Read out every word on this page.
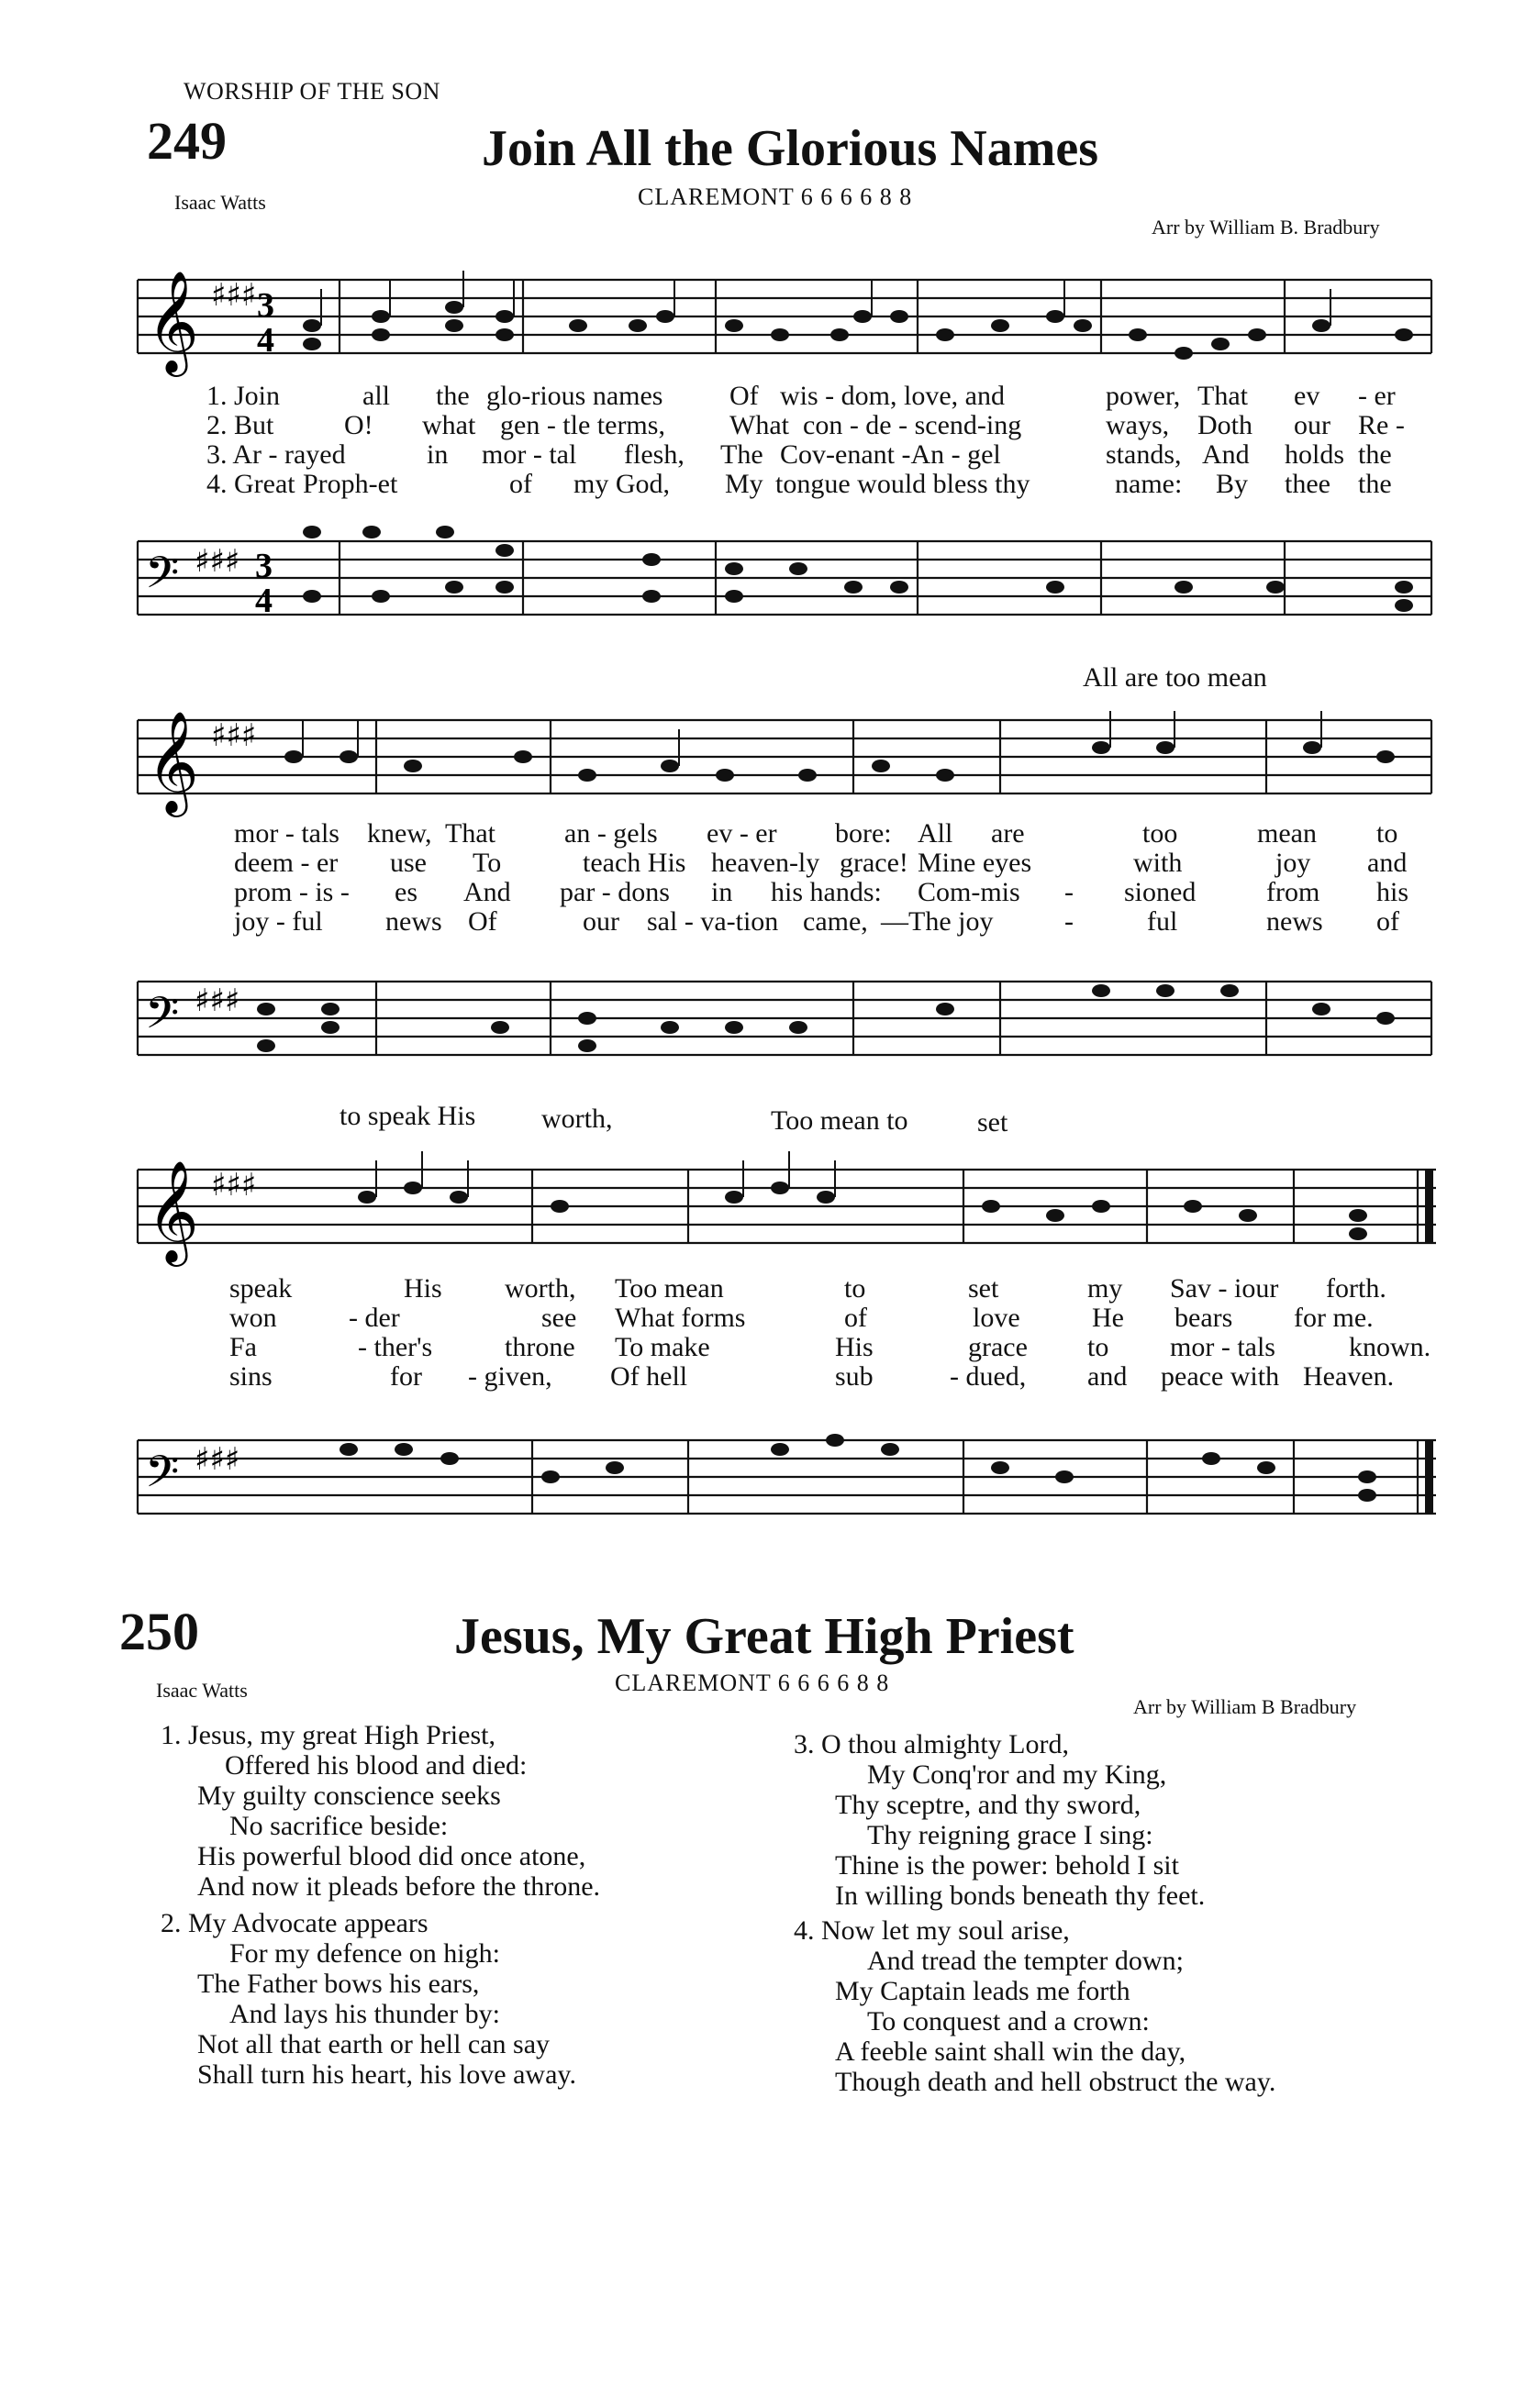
WORSHIP OF THE SON
249	Join All the Glorious Names
Isaac Watts	CLAREMONT 6 6 6 6 8 8
Arr by William B. Bradbury
𝄞 ♯♯♯ 3
4
1. Join	all the glo-rious names Of wis - dom, love, and	power, That ev - er
2. But	O! what gen - tle terms, What con - de - scend-ing	ways, Doth our Re -
3. Ar - rayed	in mor - tal flesh, The Cov-enant -An - gel	stands, And holds the
4. Great Proph-et	of my God, My tongue would bless thy	name: By thee the
𝄢 ♯♯♯ 3
4
All are too mean
𝄞 ♯♯♯
mor - tals knew, That	an - gels ev - er bore: All are	too	mean to
deem - er use To	teach His heaven-ly grace! Mine eyes	with	joy and
prom - is - es And par - dons in his hands: Com-mis - sioned	from his
joy - ful news Of	our sal - va-tion came, —The joy	-	ful	news of
𝄢 ♯♯♯
to speak His worth,	Too mean to	set
𝄞 ♯♯♯
speak	His worth, Too mean	to	set	my Sav - iour forth.
won	- der	see What forms	of	love	He bears for me.
Fa	- ther's	throne To make	His	grace to mor - tals	known.
sins	for - given, Of hell	sub	- dued, and peace with Heaven.
𝄢 ♯♯♯
250	Jesus, My Great High Priest
Isaac Watts	CLAREMONT 6 6 6 6 8 8
Arr by William B Bradbury
1. Jesus, my great High Priest,
Offered his blood and died:
My guilty conscience seeks
No sacrifice beside:
His powerful blood did once atone,
And now it pleads before the throne.
2. My Advocate appears
For my defence on high:
The Father bows his ears,
And lays his thunder by:
Not all that earth or hell can say
Shall turn his heart, his love away.
3. O thou almighty Lord,
My Conq'ror and my King,
Thy sceptre, and thy sword,
Thy reigning grace I sing:
Thine is the power: behold I sit
In willing bonds beneath thy feet.
4. Now let my soul arise,
And tread the tempter down;
My Captain leads me forth
To conquest and a crown:
A feeble saint shall win the day,
Though death and hell obstruct the way.
